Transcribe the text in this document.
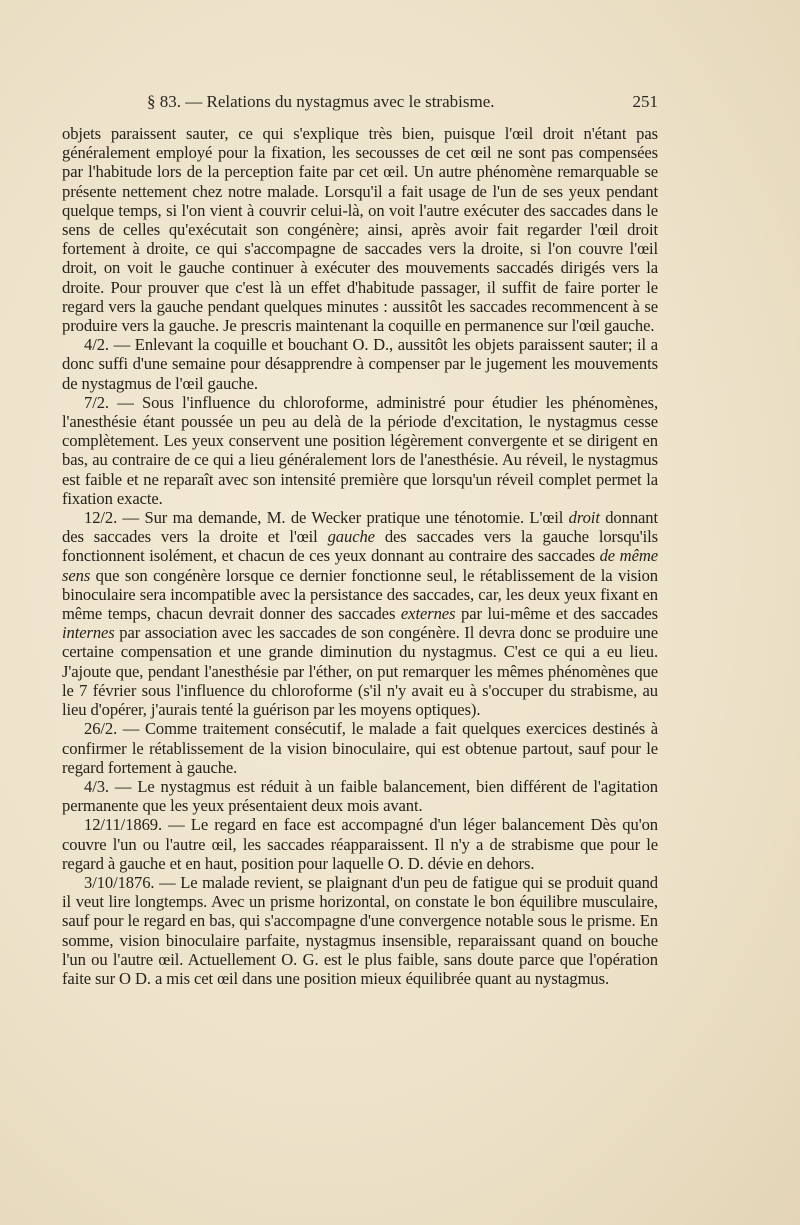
§ 83. — Relations du nystagmus avec le strabisme.	251

objets paraissent sauter, ce qui s'explique très bien, puisque l'œil droit n'étant pas généralement employé pour la fixation, les secousses de cet œil ne sont pas compensées par l'habitude lors de la perception faite par cet œil. Un autre phénomène remarquable se présente nettement chez notre malade. Lorsqu'il a fait usage de l'un de ses yeux pendant quelque temps, si l'on vient à couvrir celui-là, on voit l'autre exécuter des saccades dans le sens de celles qu'exécutait son congénère; ainsi, après avoir fait regarder l'œil droit fortement à droite, ce qui s'accompagne de saccades vers la droite, si l'on couvre l'œil droit, on voit le gauche continuer à exécuter des mouvements saccadés dirigés vers la droite. Pour prouver que c'est là un effet d'habitude passager, il suffit de faire porter le regard vers la gauche pendant quelques minutes : aussitôt les saccades recommencent à se produire vers la gauche. Je prescris maintenant la coquille en permanence sur l'œil gauche.

4/2. — Enlevant la coquille et bouchant O. D., aussitôt les objets paraissent sauter; il a donc suffi d'une semaine pour désapprendre à compenser par le jugement les mouvements de nystagmus de l'œil gauche.

7/2. — Sous l'influence du chloroforme, administré pour étudier les phénomènes, l'anesthésie étant poussée un peu au delà de la période d'excitation, le nystagmus cesse complètement. Les yeux conservent une position légèrement convergente et se dirigent en bas, au contraire de ce qui a lieu généralement lors de l'anesthésie. Au réveil, le nystagmus est faible et ne reparaît avec son intensité première que lorsqu'un réveil complet permet la fixation exacte.

12/2. — Sur ma demande, M. de Wecker pratique une ténotomie. L'œil droit donnant des saccades vers la droite et l'œil gauche des saccades vers la gauche lorsqu'ils fonctionnent isolément, et chacun de ces yeux donnant au contraire des saccades de même sens que son congénère lorsque ce dernier fonctionne seul, le rétablissement de la vision binoculaire sera incompatible avec la persistance des saccades, car, les deux yeux fixant en même temps, chacun devrait donner des saccades externes par lui-même et des saccades internes par association avec les saccades de son congénère. Il devra donc se produire une certaine compensation et une grande diminution du nystagmus. C'est ce qui a eu lieu. J'ajoute que, pendant l'anesthésie par l'éther, on put remarquer les mêmes phénomènes que le 7 février sous l'influence du chloroforme (s'il n'y avait eu à s'occuper du strabisme, au lieu d'opérer, j'aurais tenté la guérison par les moyens optiques).

26/2. — Comme traitement consécutif, le malade a fait quelques exercices destinés à confirmer le rétablissement de la vision binoculaire, qui est obtenue partout, sauf pour le regard fortement à gauche.

4/3. — Le nystagmus est réduit à un faible balancement, bien différent de l'agitation permanente que les yeux présentaient deux mois avant.

12/11/1869. — Le regard en face est accompagné d'un léger balancement Dès qu'on couvre l'un ou l'autre œil, les saccades réapparaissent. Il n'y a de strabisme que pour le regard à gauche et en haut, position pour laquelle O. D. dévie en dehors.

3/10/1876. — Le malade revient, se plaignant d'un peu de fatigue qui se produit quand il veut lire longtemps. Avec un prisme horizontal, on constate le bon équilibre musculaire, sauf pour le regard en bas, qui s'accompagne d'une convergence notable sous le prisme. En somme, vision binoculaire parfaite, nystagmus insensible, reparaissant quand on bouche l'un ou l'autre œil. Actuellement O. G. est le plus faible, sans doute parce que l'opération faite sur O D. a mis cet œil dans une position mieux équilibrée quant au nystagmus.
